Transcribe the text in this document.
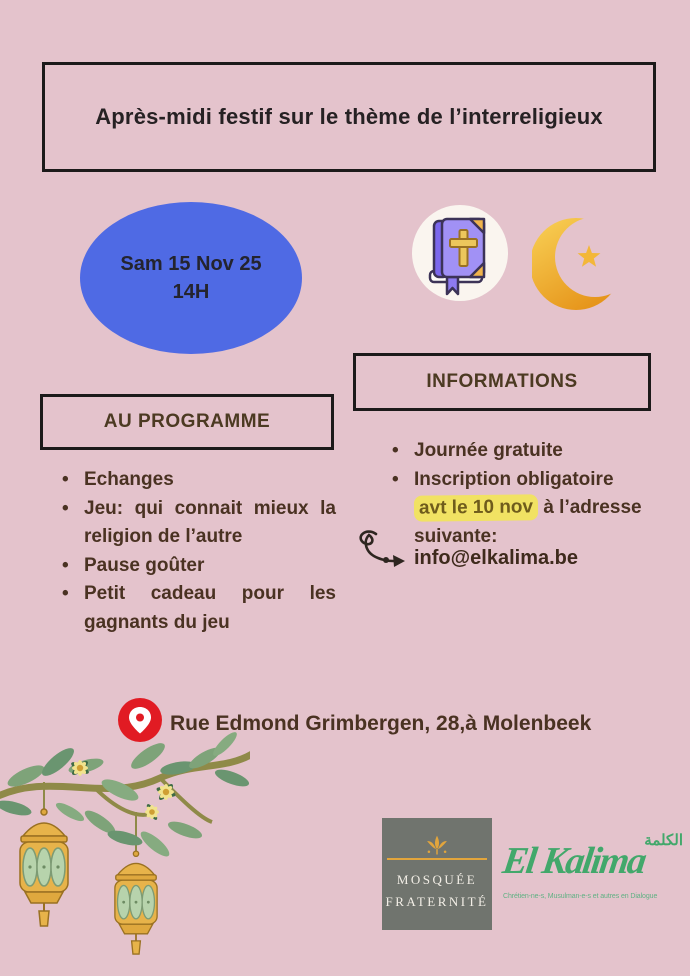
Après-midi festif sur le thème de l’interreligieux
Sam 15 Nov 25
14H
INFORMATIONS
AU PROGRAMME
• Echanges
• Jeu: qui connait mieux la religion de l’autre
• Pause goûter
• Petit cadeau pour les gagnants du jeu
• Journée gratuite
• Inscription obligatoire avt le 10 nov à l’adresse suivante:
info@elkalima.be
Rue Edmond Grimbergen, 28,à Molenbeek
MOSQUÉE
FRATERNITÉ
الكلمة
El Kalima
Chrétien-ne-s, Musulman-e-s et autres en Dialogue
